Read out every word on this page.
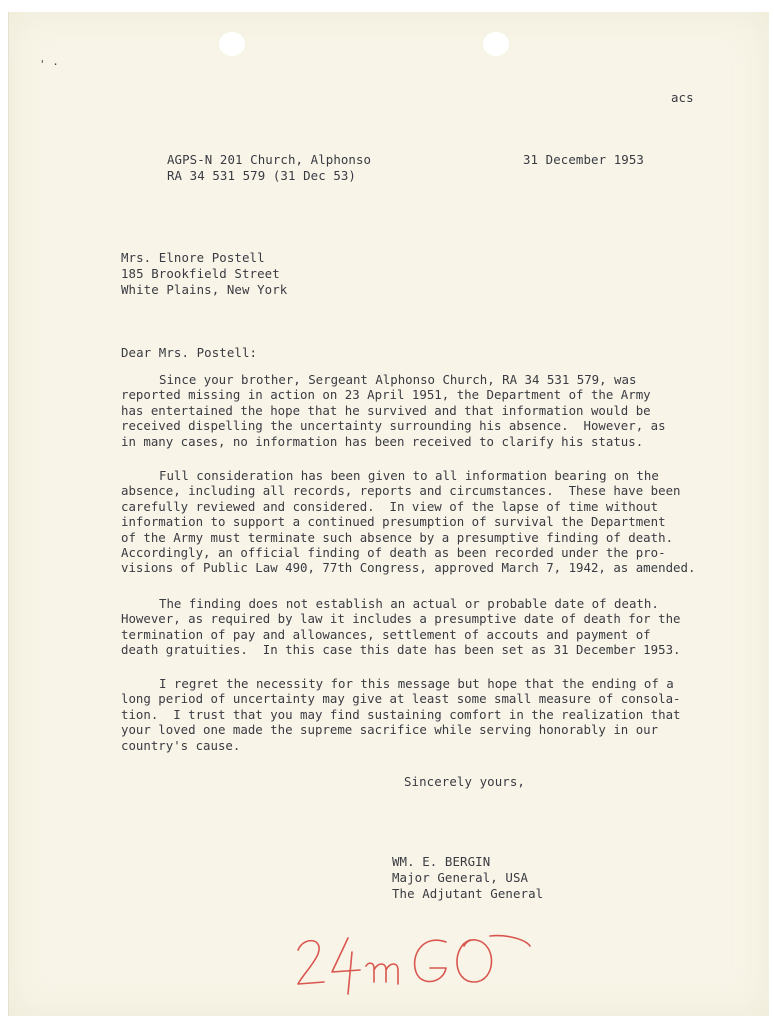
' ·
acs
AGPS-N 201 Church, Alphonso
RA 34 531 579 (31 Dec 53)
31 December 1953
Mrs. Elnore Postell
185 Brookfield Street
White Plains, New York
Dear Mrs. Postell:
Since your brother, Sergeant Alphonso Church, RA 34 531 579, was
reported missing in action on 23 April 1951, the Department of the Army
has entertained the hope that he survived and that information would be
received dispelling the uncertainty surrounding his absence.  However, as
in many cases, no information has been received to clarify his status.
Full consideration has been given to all information bearing on the
absence, including all records, reports and circumstances.  These have been
carefully reviewed and considered.  In view of the lapse of time without
information to support a continued presumption of survival the Department
of the Army must terminate such absence by a presumptive finding of death.
Accordingly, an official finding of death as been recorded under the pro-
visions of Public Law 490, 77th Congress, approved March 7, 1942, as amended.
The finding does not establish an actual or probable date of death.
However, as required by law it includes a presumptive date of death for the
termination of pay and allowances, settlement of accouts and payment of
death gratuities.  In this case this date has been set as 31 December 1953.
I regret the necessity for this message but hope that the ending of a
long period of uncertainty may give at least some small measure of consola-
tion.  I trust that you may find sustaining comfort in the realization that
your loved one made the supreme sacrifice while serving honorably in our
country's cause.
Sincerely yours,
WM. E. BERGIN
Major General, USA
The Adjutant General
